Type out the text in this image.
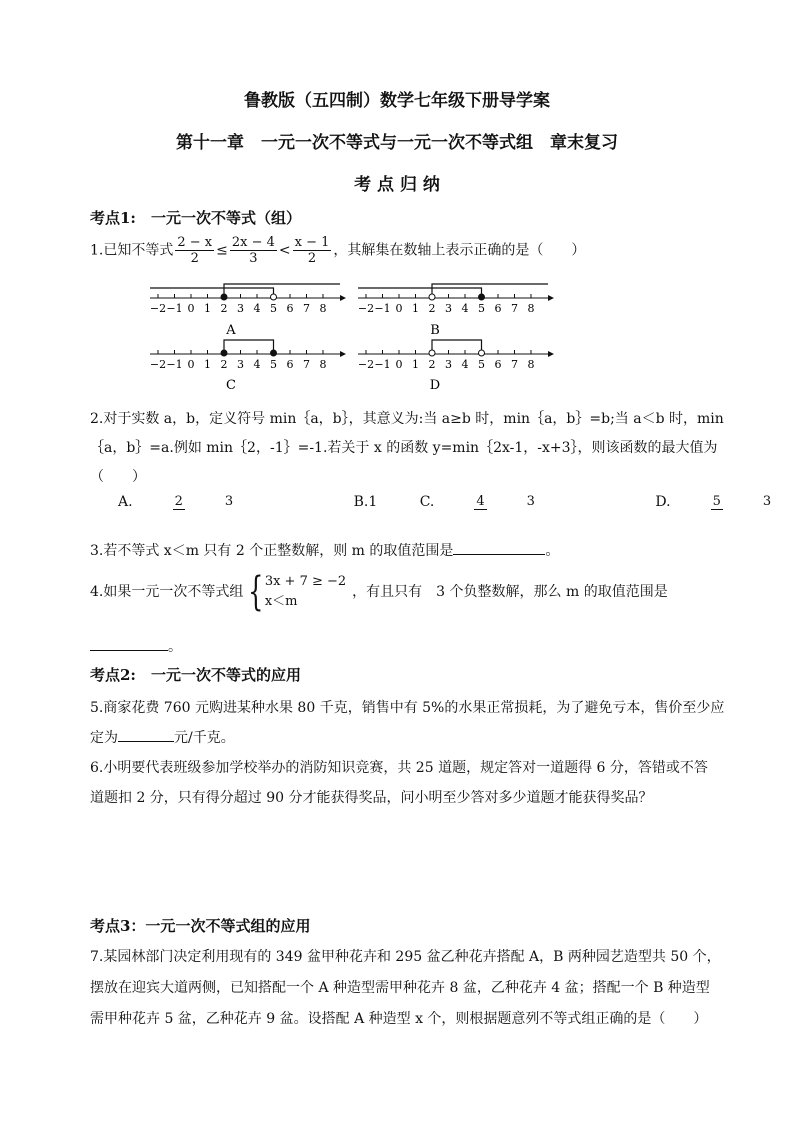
鲁教版（五四制）数学七年级下册导学案
第十一章　一元一次不等式与一元一次不等式组　章末复习
考 点 归 纳
考点1:　一元一次不等式（组）
1.已知不等式 $\frac{2 - x}{2} \le \frac{2x - 4}{3} < \frac{x - 1}{2}$ ，其解集在数轴上表示正确的是（　　）
−2 −1 0 1 2 3 4 5 6 7 8	−2 −1 0 1 2 3 4 5 6 7 8
−2 −1 0 1 2 3 4 5 6 7 8	−2 −1 0 1 2 3 4 5 6 7 8
A	B
C	D
2.对于实数 a，b，定义符号 min｛a，b｝，其意义为:当 a≥b 时，min｛a，b｝=b;当 a＜b 时，min
｛a，b｝=a.例如 min｛2，-1｝=-1.若关于 x 的函数 y=min｛2x-1，-x+3｝，则该函数的最大值为
（　　）
A.	2	3	B.1	C.	4	3	D.	5	3
3.若不等式 x＜m 只有 2 个正整数解，则 m 的取值范围是	。
4.如果一元一次不等式组 { 3x + 7 ≥ −2
x＜m
，有且只有　3 个负整数解，那么 m 的取值范围是
。
考点2:　一元一次不等式的应用
5.商家花费 760 元购进某种水果 80 千克，销售中有 5%的水果正常损耗，为了避免亏本，售价至少应
定为	元/千克。
6.小明要代表班级参加学校举办的消防知识竞赛，共 25 道题，规定答对一道题得 6 分，答错或不答
道题扣 2 分，只有得分超过 90 分才能获得奖品，问小明至少答对多少道题才能获得奖品？
考点3：一元一次不等式组的应用
7.某园林部门决定利用现有的 349 盆甲种花卉和 295 盆乙种花卉搭配 A，B 两种园艺造型共 50 个，
摆放在迎宾大道两侧，已知搭配一个 A 种造型需甲种花卉 8 盆，乙种花卉 4 盆；搭配一个 B 种造型
需甲种花卉 5 盆，乙种花卉 9 盆。设搭配 A 种造型 x 个，则根据题意列不等式组正确的是（　　）
